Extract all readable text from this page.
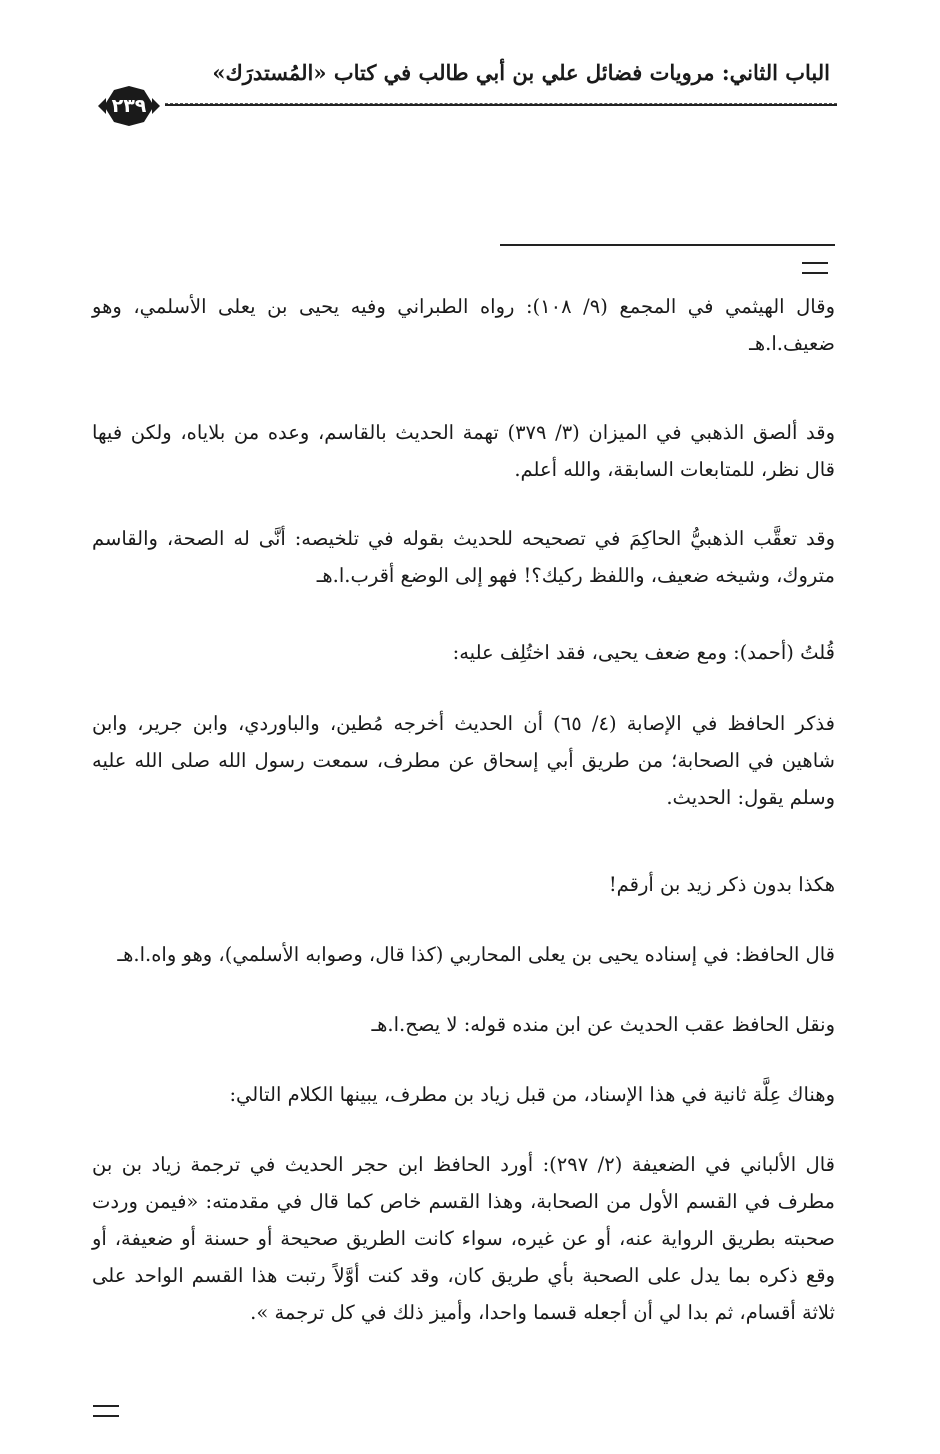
الباب الثاني: مرويات فضائل علي بن أبي طالب في كتاب «المُستدرَك»
٢٣٩

وقال الهيثمي في المجمع (٩/ ١٠٨): رواه الطبراني وفيه يحيى بن يعلى الأسلمي، وهو ضعيف.ا.هـ

وقد ألصق الذهبي في الميزان (٣/ ٣٧٩) تهمة الحديث بالقاسم، وعده من بلاياه، ولكن فيها قال نظر، للمتابعات السابقة، والله أعلم.

وقد تعقَّب الذهبيُّ الحاكِمَ في تصحيحه للحديث بقوله في تلخيصه: أنَّى له الصحة، والقاسم متروك، وشيخه ضعيف، واللفظ ركيك؟! فهو إلى الوضع أقرب.ا.هـ

قُلتُ (أحمد): ومع ضعف يحيى، فقد اختُلِف عليه:

فذكر الحافظ في الإصابة (٤/ ٦٥) أن الحديث أخرجه مُطين، والباوردي، وابن جرير، وابن شاهين في الصحابة؛ من طريق أبي إسحاق عن مطرف، سمعت رسول الله صلى الله عليه وسلم يقول: الحديث.

هكذا بدون ذكر زيد بن أرقم!

قال الحافظ: في إسناده يحيى بن يعلى المحاربي (كذا قال، وصوابه الأسلمي)، وهو واه.ا.هـ

ونقل الحافظ عقب الحديث عن ابن منده قوله: لا يصح.ا.هـ

وهناك عِلَّة ثانية في هذا الإسناد، من قبل زياد بن مطرف، يبينها الكلام التالي:

قال الألباني في الضعيفة (٢/ ٢٩٧): أورد الحافظ ابن حجر الحديث في ترجمة زياد بن بن مطرف في القسم الأول من الصحابة، وهذا القسم خاص كما قال في مقدمته: «فيمن وردت صحبته بطريق الرواية عنه، أو عن غيره، سواء كانت الطريق صحيحة أو حسنة أو ضعيفة، أو وقع ذكره بما يدل على الصحبة بأي طريق كان، وقد كنت أوَّلاً رتبت هذا القسم الواحد على ثلاثة أقسام، ثم بدا لي أن أجعله قسما واحدا، وأميز ذلك في كل ترجمة ».
